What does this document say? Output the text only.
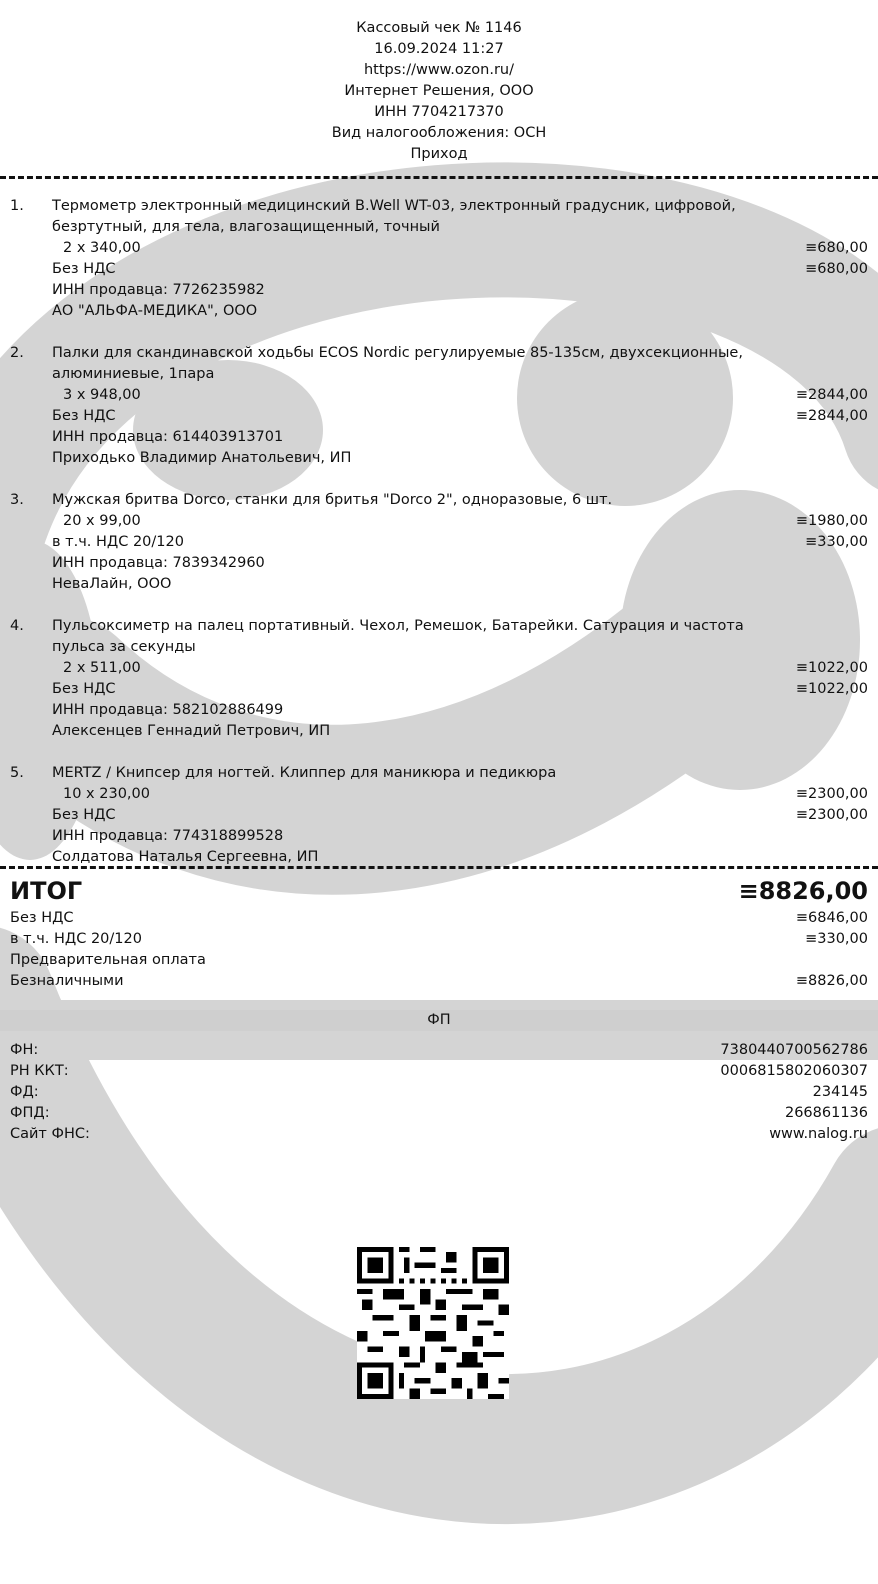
Кассовый чек № 1146
16.09.2024 11:27
https://www.ozon.ru/
Интернет Решения, ООО
ИНН 7704217370
Вид налогообложения: ОСН
Приход
1. Термометр электронный медицинский B.Well WT-03, электронный градусник, цифровой,
безртутный, для тела, влагозащищенный, точный
2 х 340,00	≡680,00
Без НДС	≡680,00
ИНН продавца: 7726235982
АО "АЛЬФА-МЕДИКА", ООО
2. Палки для скандинавской ходьбы ECOS Nordic регулируемые 85-135см, двухсекционные,
алюминиевые, 1пара
3 х 948,00	≡2844,00
Без НДС	≡2844,00
ИНН продавца: 614403913701
Приходько Владимир Анатольевич, ИП
3. Мужская бритва Dorco, станки для бритья "Dorco 2", одноразовые, 6 шт.
20 х 99,00	≡1980,00
в т.ч. НДС 20/120	≡330,00
ИНН продавца: 7839342960
НеваЛайн, ООО
4. Пульсоксиметр на палец портативный. Чехол, Ремешок, Батарейки. Сатурация и частота
пульса за секунды
2 х 511,00	≡1022,00
Без НДС	≡1022,00
ИНН продавца: 582102886499
Алексенцев Геннадий Петрович, ИП
5. MERTZ / Книпсер для ногтей. Клиппер для маникюра и педикюра
10 х 230,00	≡2300,00
Без НДС	≡2300,00
ИНН продавца: 774318899528
Солдатова Наталья Сергеевна, ИП
ИТОГ	≡8826,00
Без НДС	≡6846,00
в т.ч. НДС 20/120	≡330,00
Предварительная оплата
Безналичными	≡8826,00
ФП
ФН:	7380440700562786
РН ККТ:	0006815802060307
ФД:	234145
ФПД:	266861136
Сайт ФНС:	www.nalog.ru
